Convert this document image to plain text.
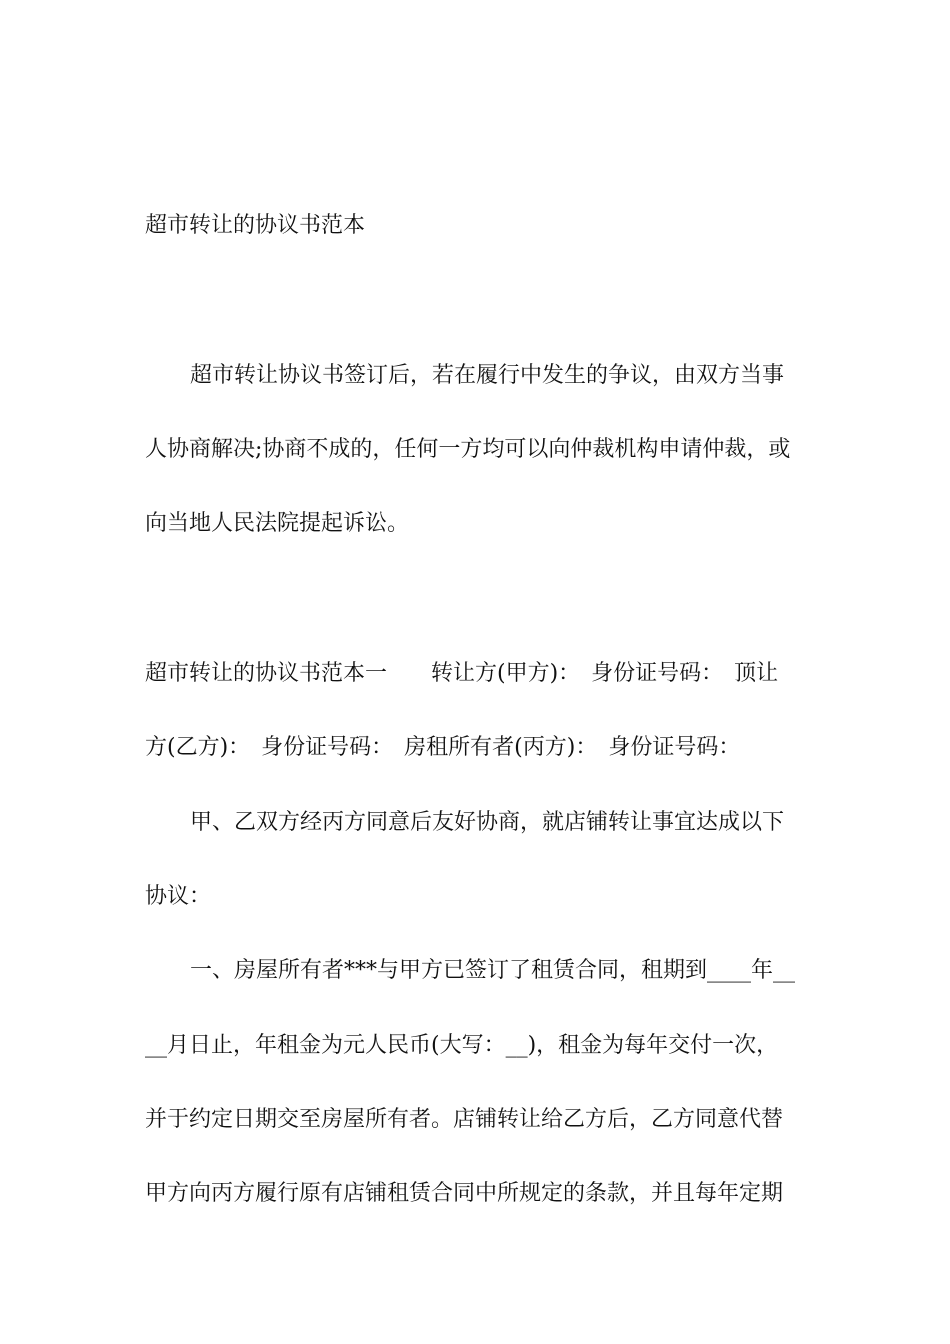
超市转让的协议书范本
超市转让协议书签订后，若在履行中发生的争议，由双方当事
人协商解决;协商不成的，任何一方均可以向仲裁机构申请仲裁，或
向当地人民法院提起诉讼。
超市转让的协议书范本一　　转让方(甲方)：　身份证号码：　顶让
方(乙方)：　身份证号码：　房租所有者(丙方)：　身份证号码：
甲、乙双方经丙方同意后友好协商，就店铺转让事宜达成以下
协议：
一、房屋所有者***与甲方已签订了租赁合同，租期到____年__
__月日止，年租金为元人民币(大写：__)，租金为每年交付一次，
并于约定日期交至房屋所有者。店铺转让给乙方后，乙方同意代替
甲方向丙方履行原有店铺租赁合同中所规定的条款，并且每年定期
